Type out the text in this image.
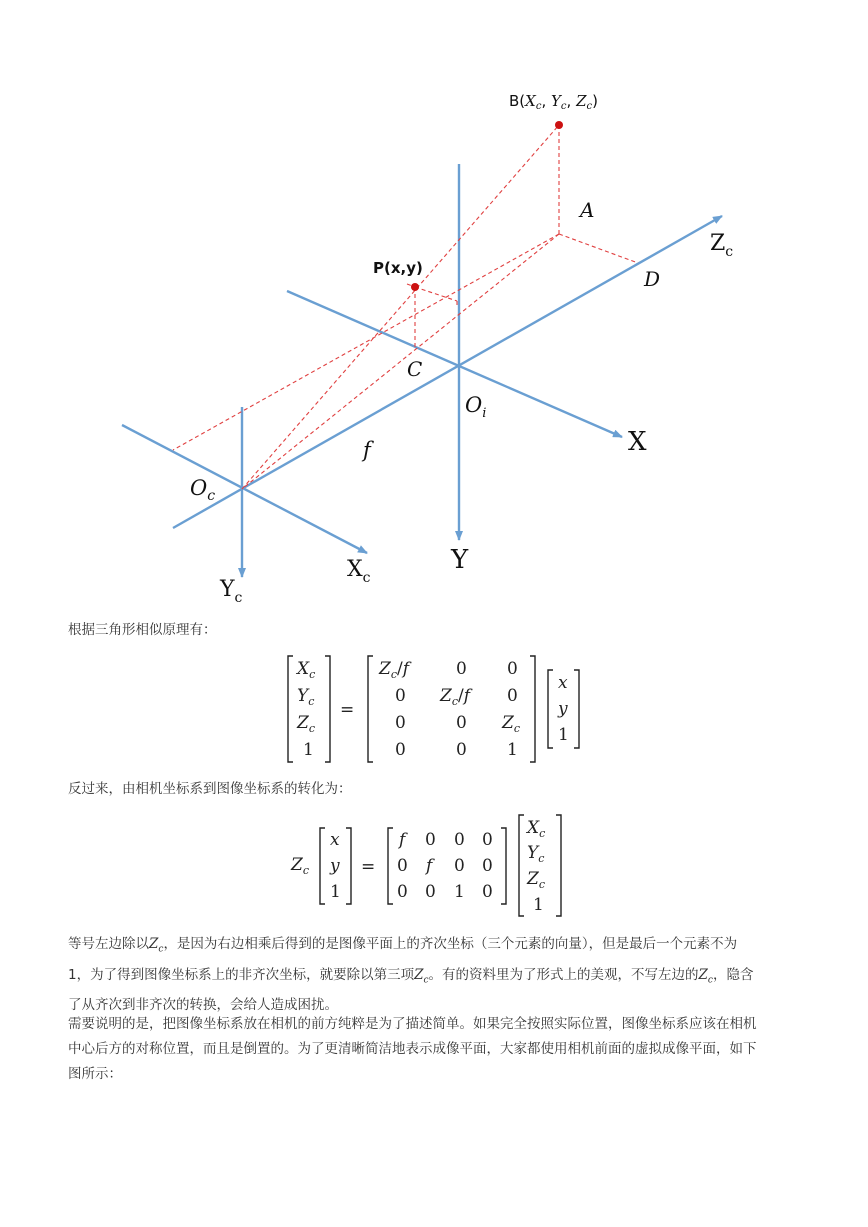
$B(X_c$, $Y_c$, $Z_c$)
A
D
P(x,y)
C
$O_i$
X
Y
$Z_c$
$O_c$
f
$X_c$
$Y_c$
根据三角形相似原理有：
$X_c$
$Y_c$
$Z_c$
1
=
$Z_c/f$	0 0
0 $Z_c/f$ 0
0	0 $Z_c$
0	0 1
x
y
1
反过来，由相机坐标系到图像坐标系的转化为：
$Z_c$
x
y
1
=
f 0 0 0
0 f 0 0
0 0 1 0
$X_c$
$Y_c$
$Z_c$
1
等号左边除以$Z_c$，是因为右边相乘后得到的是图像平面上的齐次坐标（三个元素的向量），但是最后一个元素不为
1，为了得到图像坐标系上的非齐次坐标，就要除以第三项$Z_c$。有的资料里为了形式上的美观，不写左边的$Z_c$，隐含
了从齐次到非齐次的转换，会给人造成困扰。
需要说明的是，把图像坐标系放在相机的前方纯粹是为了描述简单。如果完全按照实际位置，图像坐标系应该在相机
中心后方的对称位置，而且是倒置的。为了更清晰简洁地表示成像平面，大家都使用相机前面的虚拟成像平面，如下
图所示：
